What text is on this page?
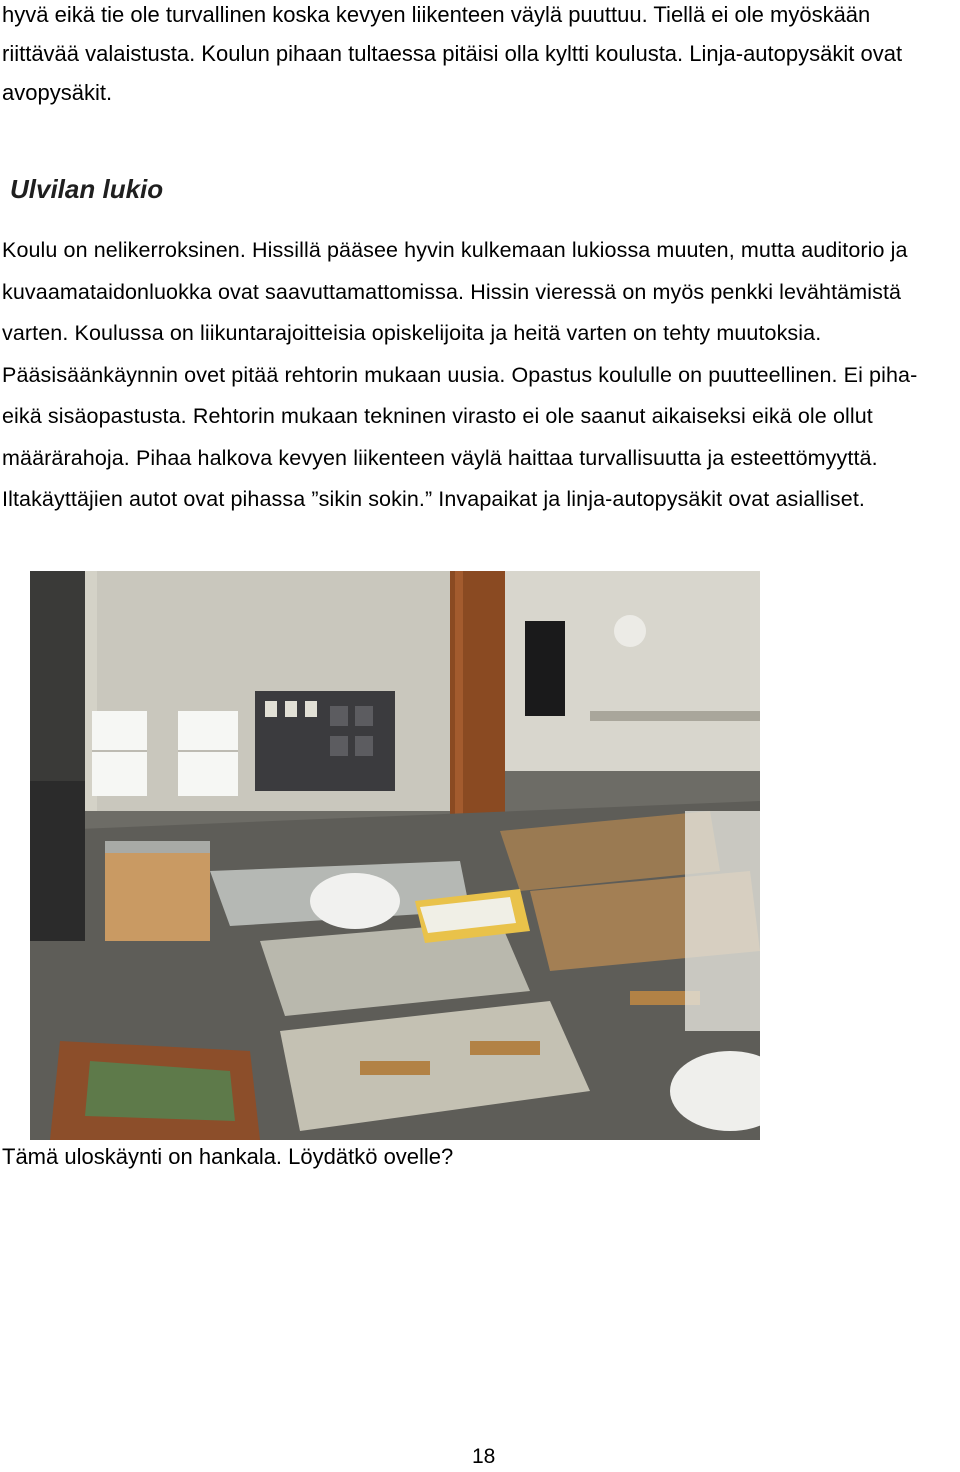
hyvä eikä tie ole turvallinen koska kevyen liikenteen väylä puuttuu. Tiellä ei ole myöskään riittävää valaistusta. Koulun pihaan tultaessa pitäisi olla kyltti koulusta. Linja-autopysäkit ovat avopysäkit.

Ulvilan lukio

Koulu on nelikerroksinen. Hissillä pääsee hyvin kulkemaan lukiossa muuten, mutta auditorio ja kuvaamataidonluokka ovat saavuttamattomissa. Hissin vieressä on myös penkki levähtämistä varten. Koulussa on liikuntarajoitteisia opiskelijoita ja heitä varten on tehty muutoksia. Pääsisäänkäynnin ovet pitää rehtorin mukaan uusia. Opastus koululle on puutteellinen. Ei piha- eikä sisäopastusta. Rehtorin mukaan tekninen virasto ei ole saanut aikaiseksi eikä ole ollut määrärahoja. Pihaa halkova kevyen liikenteen väylä haittaa turvallisuutta ja esteettömyyttä. Iltakäyttäjien autot ovat pihassa ”sikin sokin.” Invapaikat ja linja-autopysäkit ovat asialliset.

Tämä uloskäynti on hankala. Löydätkö ovelle?

18
